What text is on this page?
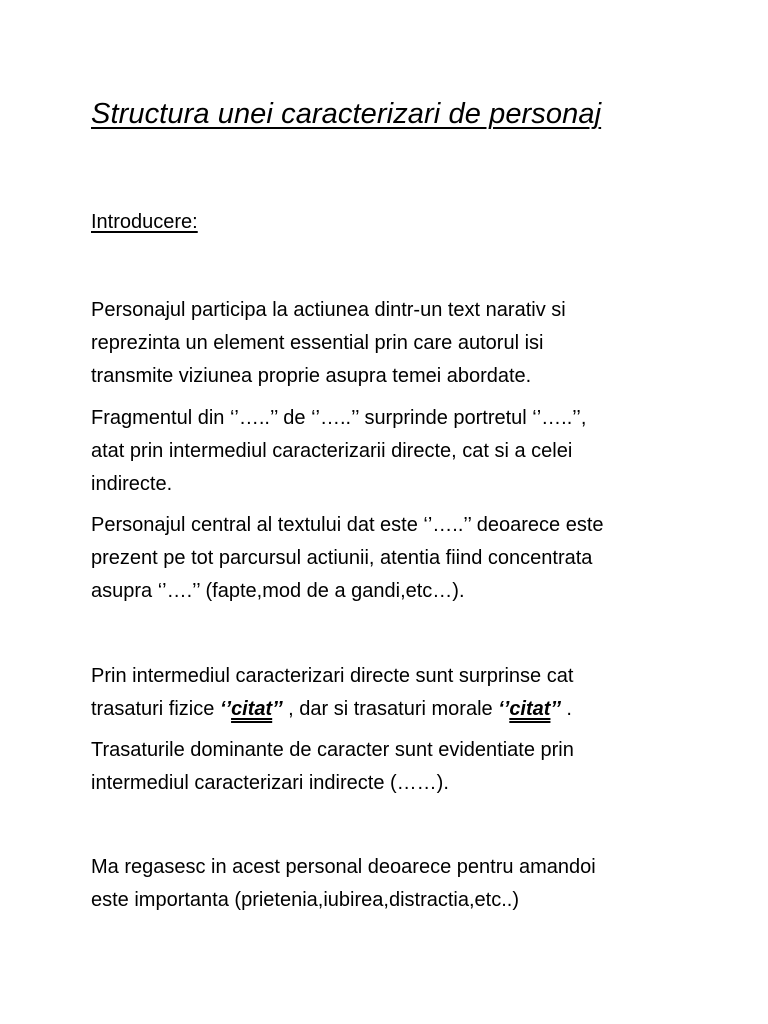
Structura unei caracterizari de personaj
Introducere:

Personajul participa la actiunea dintr-un text narativ si
reprezinta un element essential prin care autorul isi
transmite viziunea proprie asupra temei abordate.

Fragmentul din ‘’…..’’ de ‘’…..’’ surprinde portretul ‘’…..’’,
atat prin intermediul caracterizarii directe, cat si a celei
indirecte.

Personajul central al textului dat este ‘’…..’’ deoarece este
prezent pe tot parcursul actiunii, atentia fiind concentrata
asupra ‘’….’’ (fapte,mod de a gandi,etc…).

Prin intermediul caracterizari directe sunt surprinse cat
trasaturi fizice ‘’citat’’ , dar si trasaturi morale ‘’citat’’ .

Trasaturile dominante de caracter sunt evidentiate prin
intermediul caracterizari indirecte (……).

Ma regasesc in acest personal deoarece pentru amandoi
este importanta (prietenia,iubirea,distractia,etc..)
